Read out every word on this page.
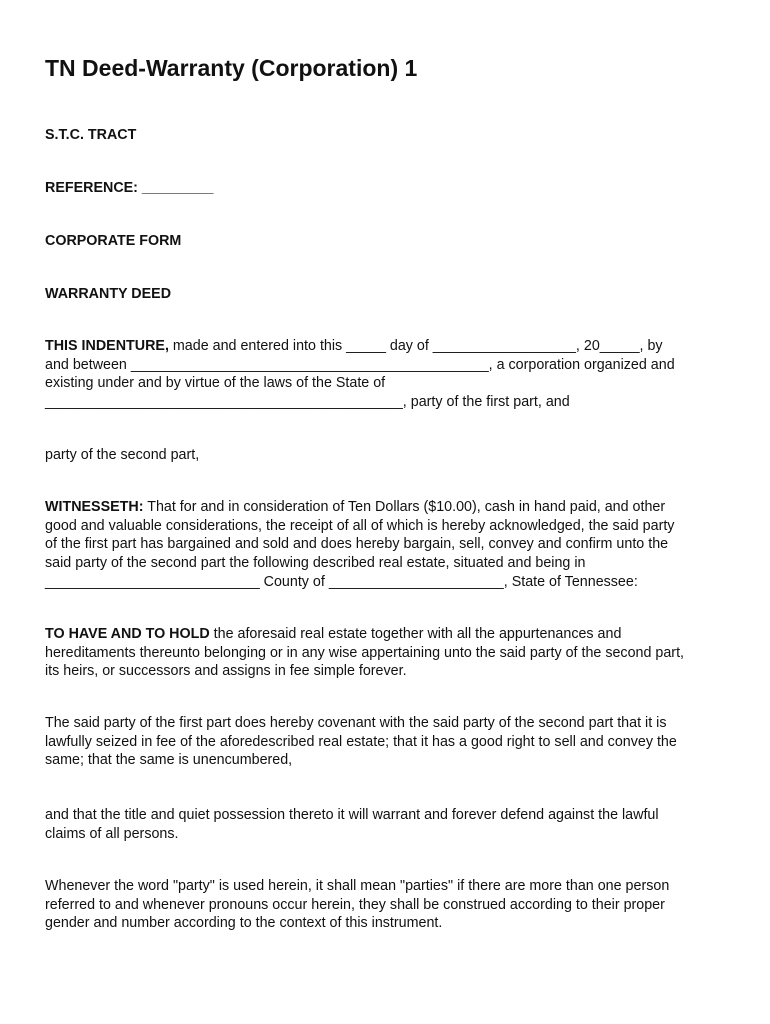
TN Deed-Warranty (Corporation) 1

S.T.C. TRACT

REFERENCE: _________

CORPORATE FORM

WARRANTY DEED

THIS INDENTURE, made and entered into this _____ day of __________________, 20_____, by
and between _____________________________________________, a corporation organized and
existing under and by virtue of the laws of the State of
_____________________________________________, party of the first part, and
party of the second part,
WITNESSETH: That for and in consideration of Ten Dollars ($10.00), cash in hand paid, and other
good and valuable considerations, the receipt of all of which is hereby acknowledged, the said party
of the first part has bargained and sold and does hereby bargain, sell, convey and confirm unto the
said party of the second part the following described real estate, situated and being in
___________________________ County of ______________________, State of Tennessee:
TO HAVE AND TO HOLD the aforesaid real estate together with all the appurtenances and
hereditaments thereunto belonging or in any wise appertaining unto the said party of the second part,
its heirs, or successors and assigns in fee simple forever.
The said party of the first part does hereby covenant with the said party of the second part that it is
lawfully seized in fee of the aforedescribed real estate; that it has a good right to sell and convey the
same; that the same is unencumbered,
and that the title and quiet possession thereto it will warrant and forever defend against the lawful
claims of all persons.
Whenever the word "party" is used herein, it shall mean "parties" if there are more than one person
referred to and whenever pronouns occur herein, they shall be construed according to their proper
gender and number according to the context of this instrument.
